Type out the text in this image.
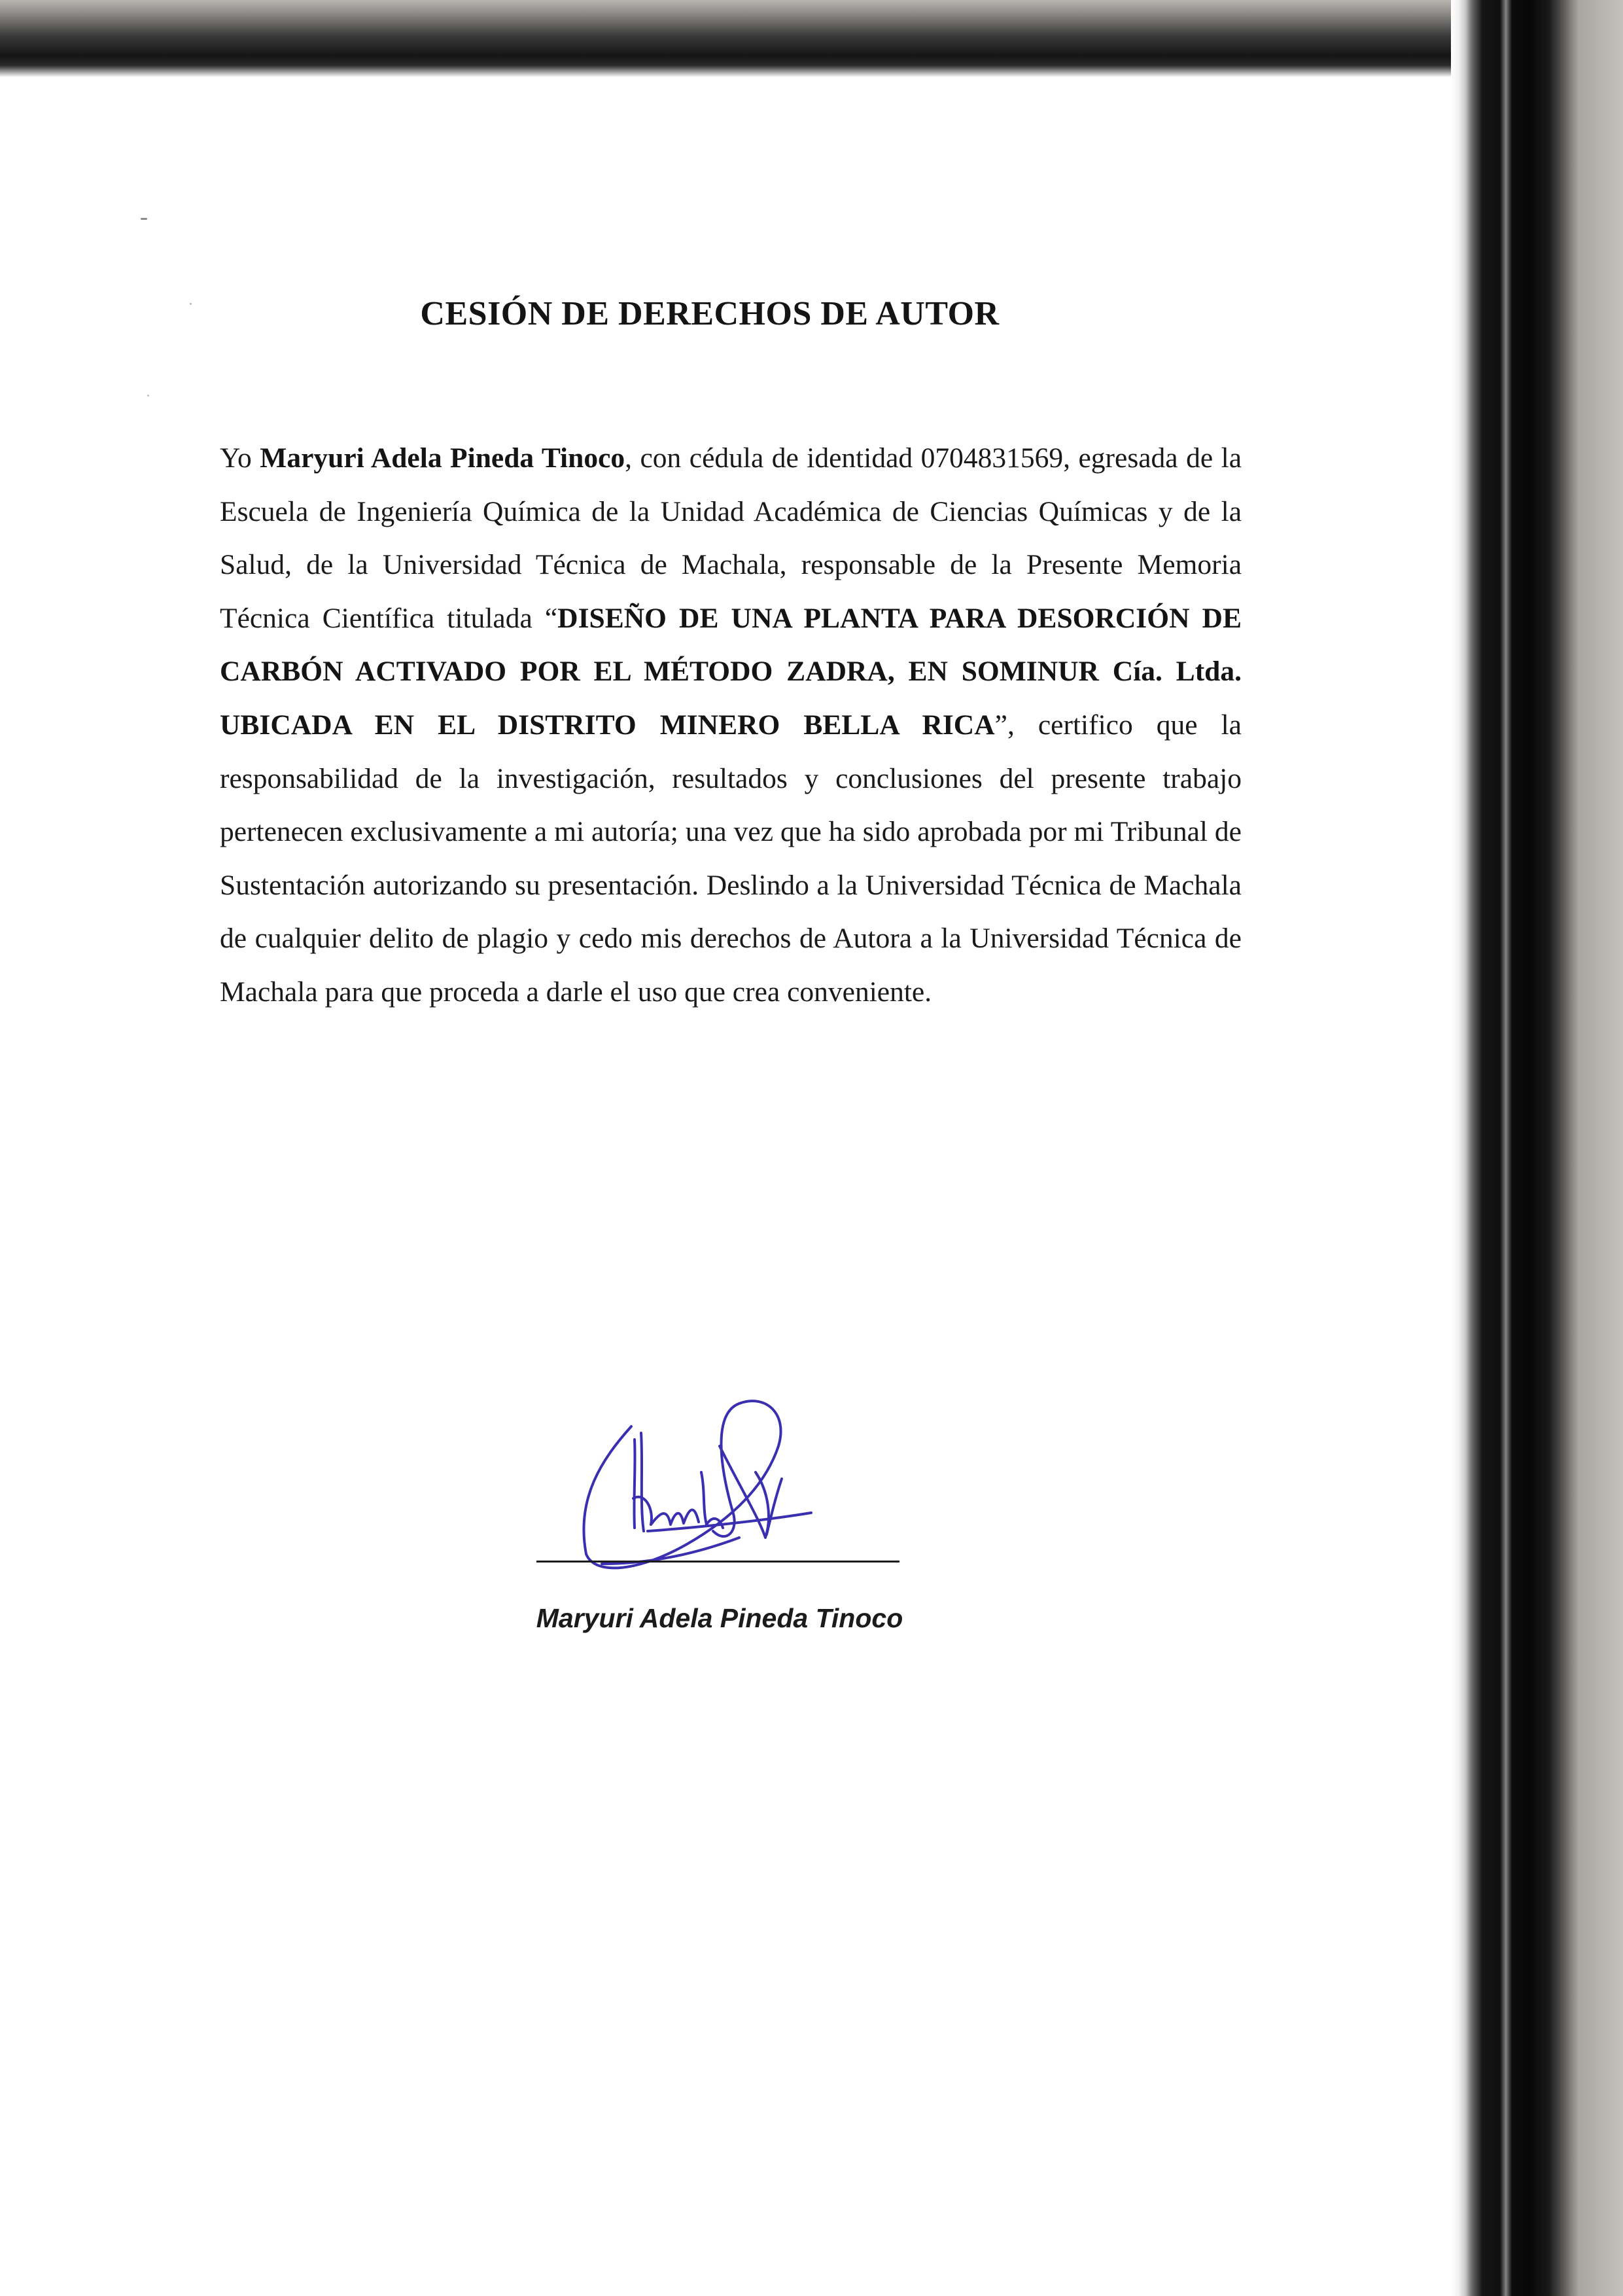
CESIÓN DE DERECHOS DE AUTOR

Yo Maryuri Adela Pineda Tinoco, con cédula de identidad 0704831569, egresada de la Escuela de Ingeniería Química de la Unidad Académica de Ciencias Químicas y de la Salud, de la Universidad Técnica de Machala, responsable de la Presente Memoria Técnica Científica titulada “DISEÑO DE UNA PLANTA PARA DESORCIÓN DE CARBÓN ACTIVADO POR EL MÉTODO ZADRA, EN SOMINUR Cía. Ltda. UBICADA EN EL DISTRITO MINERO BELLA RICA”, certifico que la responsabilidad de la investigación, resultados y conclusiones del presente trabajo pertenecen exclusivamente a mi autoría; una vez que ha sido aprobada por mi Tribunal de Sustentación autorizando su presentación. Deslindo a la Universidad Técnica de Machala de cualquier delito de plagio y cedo mis derechos de Autora a la Universidad Técnica de Machala para que proceda a darle el uso que crea conveniente.

Maryuri Adela Pineda Tinoco
